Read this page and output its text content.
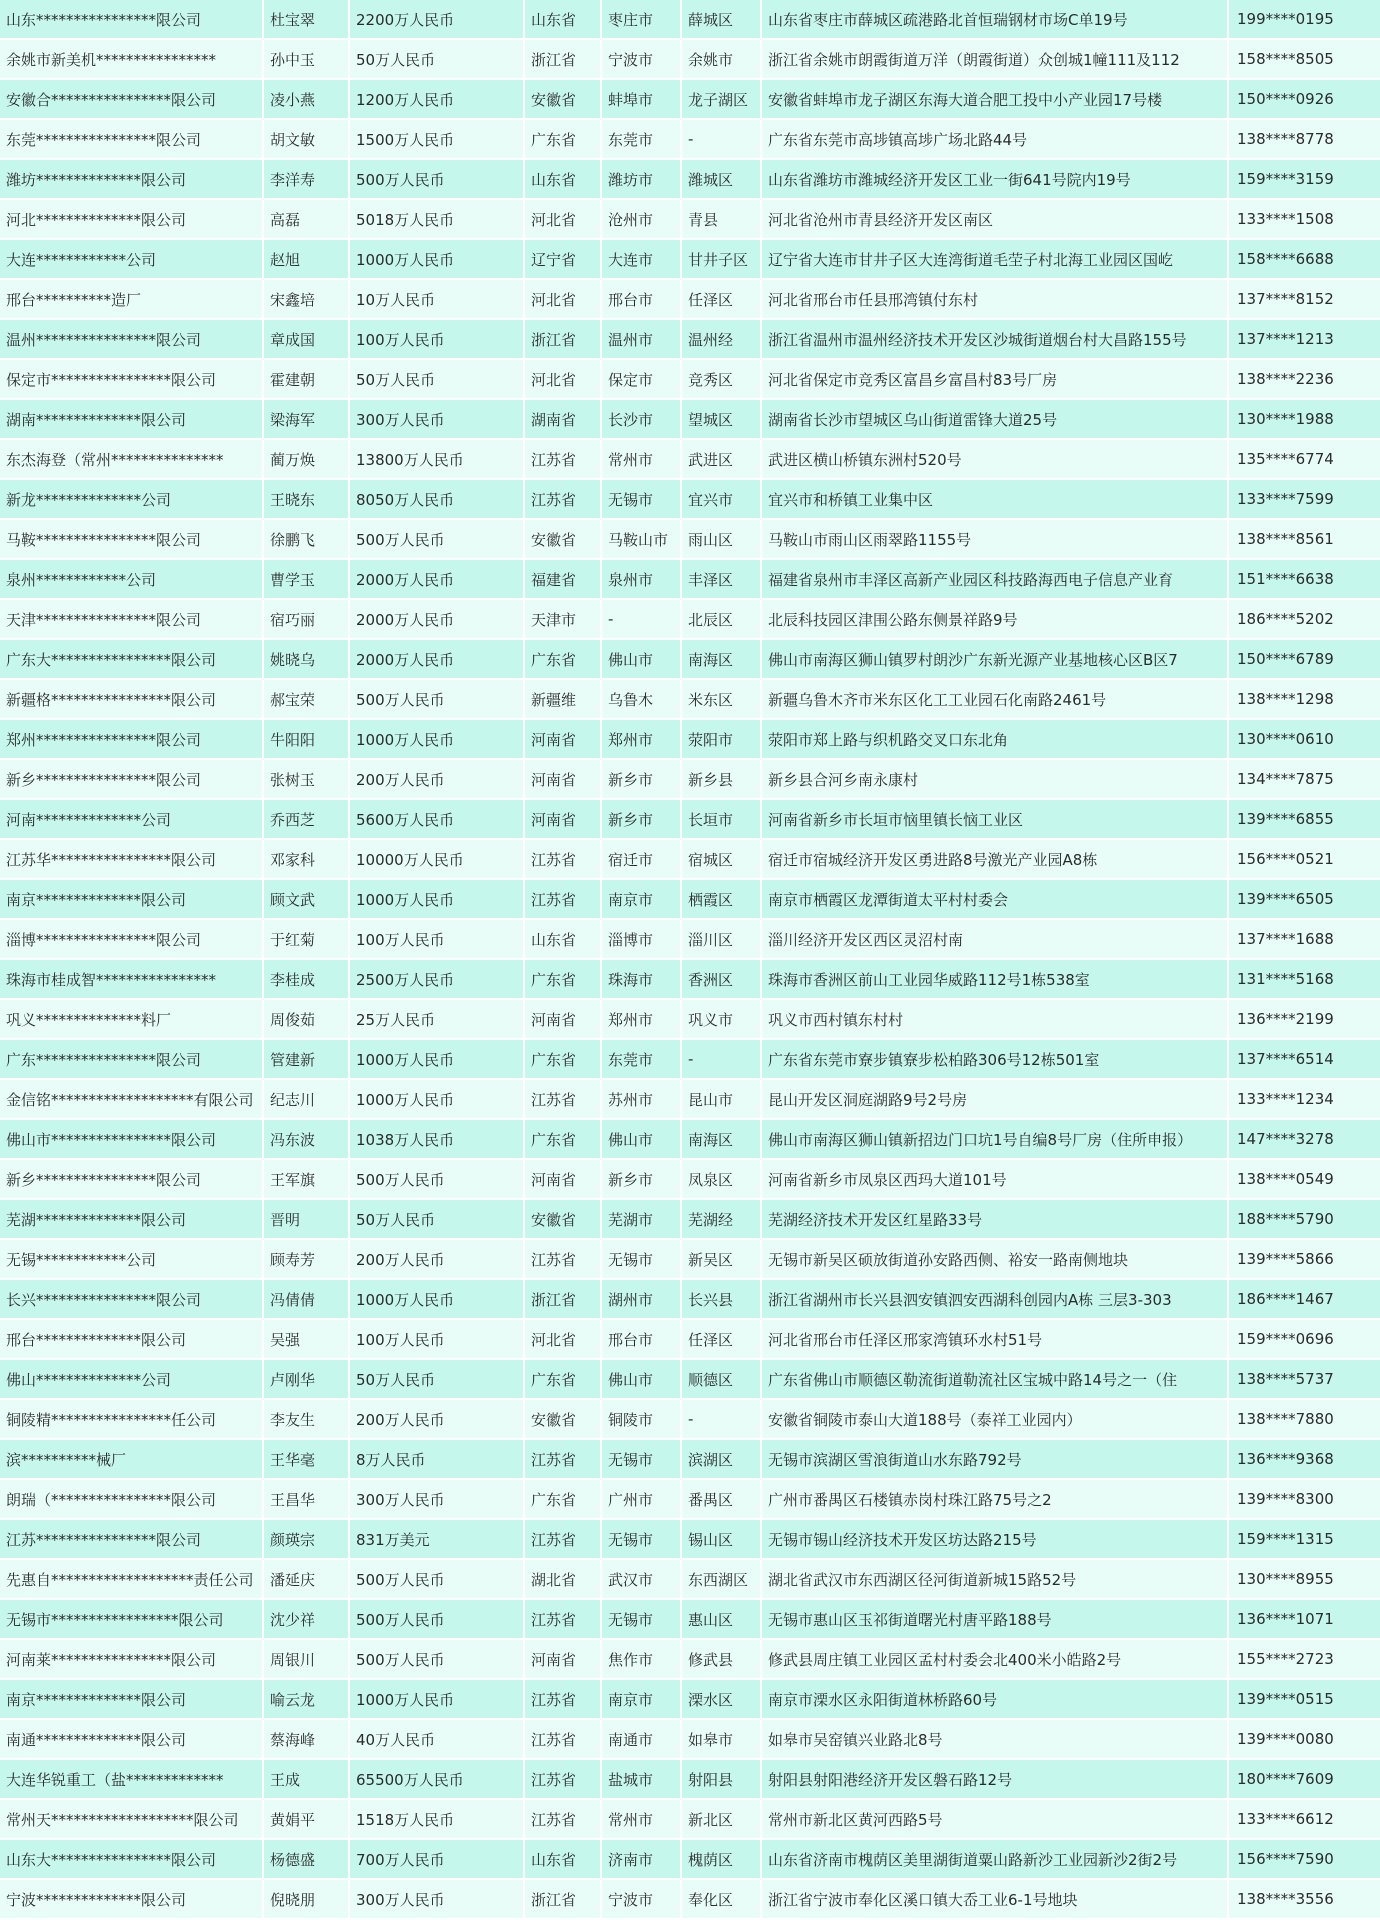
山东****************限公司	杜宝翠	2200万人民币	山东省	枣庄市	薛城区	山东省枣庄市薛城区疏港路北首恒瑞钢材市场C单19号	199****0195
余姚市新美机****************	孙中玉	50万人民币	浙江省	宁波市	余姚市	浙江省余姚市朗霞街道万洋（朗霞街道）众创城1幢111及112	158****8505
安徽合****************限公司	凌小燕	1200万人民币	安徽省	蚌埠市	龙子湖区	安徽省蚌埠市龙子湖区东海大道合肥工投中小产业园17号楼	150****0926
东莞****************限公司	胡文敏	1500万人民币	广东省	东莞市	-	广东省东莞市高埗镇高埗广场北路44号	138****8778
潍坊**************限公司	李洋寿	500万人民币	山东省	潍坊市	潍城区	山东省潍坊市潍城经济开发区工业一街641号院内19号	159****3159
河北**************限公司	高磊	5018万人民币	河北省	沧州市	青县	河北省沧州市青县经济开发区南区	133****1508
大连************公司	赵旭	1000万人民币	辽宁省	大连市	甘井子区	辽宁省大连市甘井子区大连湾街道毛茔子村北海工业园区国屹	158****6688
邢台**********造厂	宋鑫培	10万人民币	河北省	邢台市	任泽区	河北省邢台市任县邢湾镇付东村	137****8152
温州****************限公司	章成国	100万人民币	浙江省	温州市	温州经	浙江省温州市温州经济技术开发区沙城街道烟台村大昌路155号	137****1213
保定市****************限公司	霍建朝	50万人民币	河北省	保定市	竞秀区	河北省保定市竞秀区富昌乡富昌村83号厂房	138****2236
湖南**************限公司	梁海军	300万人民币	湖南省	长沙市	望城区	湖南省长沙市望城区乌山街道雷锋大道25号	130****1988
东杰海登（常州***************	蔺万焕	13800万人民币	江苏省	常州市	武进区	武进区横山桥镇东洲村520号	135****6774
新龙**************公司	王晓东	8050万人民币	江苏省	无锡市	宜兴市	宜兴市和桥镇工业集中区	133****7599
马鞍****************限公司	徐鹏飞	500万人民币	安徽省	马鞍山市	雨山区	马鞍山市雨山区雨翠路1155号	138****8561
泉州************公司	曹学玉	2000万人民币	福建省	泉州市	丰泽区	福建省泉州市丰泽区高新产业园区科技路海西电子信息产业育	151****6638
天津****************限公司	宿巧丽	2000万人民币	天津市	-	北辰区	北辰科技园区津围公路东侧景祥路9号	186****5202
广东大****************限公司	姚晓乌	2000万人民币	广东省	佛山市	南海区	佛山市南海区狮山镇罗村朗沙广东新光源产业基地核心区B区7	150****6789
新疆格****************限公司	郝宝荣	500万人民币	新疆维	乌鲁木	米东区	新疆乌鲁木齐市米东区化工工业园石化南路2461号	138****1298
郑州****************限公司	牛阳阳	1000万人民币	河南省	郑州市	荥阳市	荥阳市郑上路与织机路交叉口东北角	130****0610
新乡****************限公司	张树玉	200万人民币	河南省	新乡市	新乡县	新乡县合河乡南永康村	134****7875
河南**************公司	乔西芝	5600万人民币	河南省	新乡市	长垣市	河南省新乡市长垣市恼里镇长恼工业区	139****6855
江苏华****************限公司	邓家科	10000万人民币	江苏省	宿迁市	宿城区	宿迁市宿城经济开发区勇进路8号激光产业园A8栋	156****0521
南京**************限公司	顾文武	1000万人民币	江苏省	南京市	栖霞区	南京市栖霞区龙潭街道太平村村委会	139****6505
淄博****************限公司	于红菊	100万人民币	山东省	淄博市	淄川区	淄川经济开发区西区灵沼村南	137****1688
珠海市桂成智****************	李桂成	2500万人民币	广东省	珠海市	香洲区	珠海市香洲区前山工业园华威路112号1栋538室	131****5168
巩义**************料厂	周俊茹	25万人民币	河南省	郑州市	巩义市	巩义市西村镇东村村	136****2199
广东****************限公司	管建新	1000万人民币	广东省	东莞市	-	广东省东莞市寮步镇寮步松柏路306号12栋501室	137****6514
金信铭*******************有限公司	纪志川	1000万人民币	江苏省	苏州市	昆山市	昆山开发区洞庭湖路9号2号房	133****1234
佛山市****************限公司	冯东波	1038万人民币	广东省	佛山市	南海区	佛山市南海区狮山镇新招边门口坑1号自编8号厂房（住所申报）	147****3278
新乡****************限公司	王军旗	500万人民币	河南省	新乡市	凤泉区	河南省新乡市凤泉区西玛大道101号	138****0549
芜湖**************限公司	晋明	50万人民币	安徽省	芜湖市	芜湖经	芜湖经济技术开发区红星路33号	188****5790
无锡************公司	顾寿芳	200万人民币	江苏省	无锡市	新吴区	无锡市新吴区硕放街道孙安路西侧、裕安一路南侧地块	139****5866
长兴****************限公司	冯倩倩	1000万人民币	浙江省	湖州市	长兴县	浙江省湖州市长兴县泗安镇泗安西湖科创园内A栋 三层3-303	186****1467
邢台**************限公司	吴强	100万人民币	河北省	邢台市	任泽区	河北省邢台市任泽区邢家湾镇环水村51号	159****0696
佛山**************公司	卢刚华	50万人民币	广东省	佛山市	顺德区	广东省佛山市顺德区勒流街道勒流社区宝城中路14号之一（住	138****5737
铜陵精****************任公司	李友生	200万人民币	安徽省	铜陵市	-	安徽省铜陵市泰山大道188号（泰祥工业园内）	138****7880
滨**********械厂	王华毫	8万人民币	江苏省	无锡市	滨湖区	无锡市滨湖区雪浪街道山水东路792号	136****9368
朗瑞（****************限公司	王昌华	300万人民币	广东省	广州市	番禺区	广州市番禺区石楼镇赤岗村珠江路75号之2	139****8300
江苏****************限公司	颜瑛宗	831万美元	江苏省	无锡市	锡山区	无锡市锡山经济技术开发区坊达路215号	159****1315
先惠自*******************责任公司	潘延庆	500万人民币	湖北省	武汉市	东西湖区	湖北省武汉市东西湖区径河街道新城15路52号	130****8955
无锡市*****************限公司	沈少祥	500万人民币	江苏省	无锡市	惠山区	无锡市惠山区玉祁街道曙光村唐平路188号	136****1071
河南莱****************限公司	周银川	500万人民币	河南省	焦作市	修武县	修武县周庄镇工业园区孟村村委会北400米小皓路2号	155****2723
南京**************限公司	喻云龙	1000万人民币	江苏省	南京市	溧水区	南京市溧水区永阳街道林桥路60号	139****0515
南通**************限公司	蔡海峰	40万人民币	江苏省	南通市	如皋市	如皋市吴窑镇兴业路北8号	139****0080
大连华锐重工（盐*************	王成	65500万人民币	江苏省	盐城市	射阳县	射阳县射阳港经济开发区磐石路12号	180****7609
常州天*******************限公司	黄娟平	1518万人民币	江苏省	常州市	新北区	常州市新北区黄河西路5号	133****6612
山东大****************限公司	杨德盛	700万人民币	山东省	济南市	槐荫区	山东省济南市槐荫区美里湖街道粟山路新沙工业园新沙2街2号	156****7590
宁波**************限公司	倪晓朋	300万人民币	浙江省	宁波市	奉化区	浙江省宁波市奉化区溪口镇大岙工业6-1号地块	138****3556
